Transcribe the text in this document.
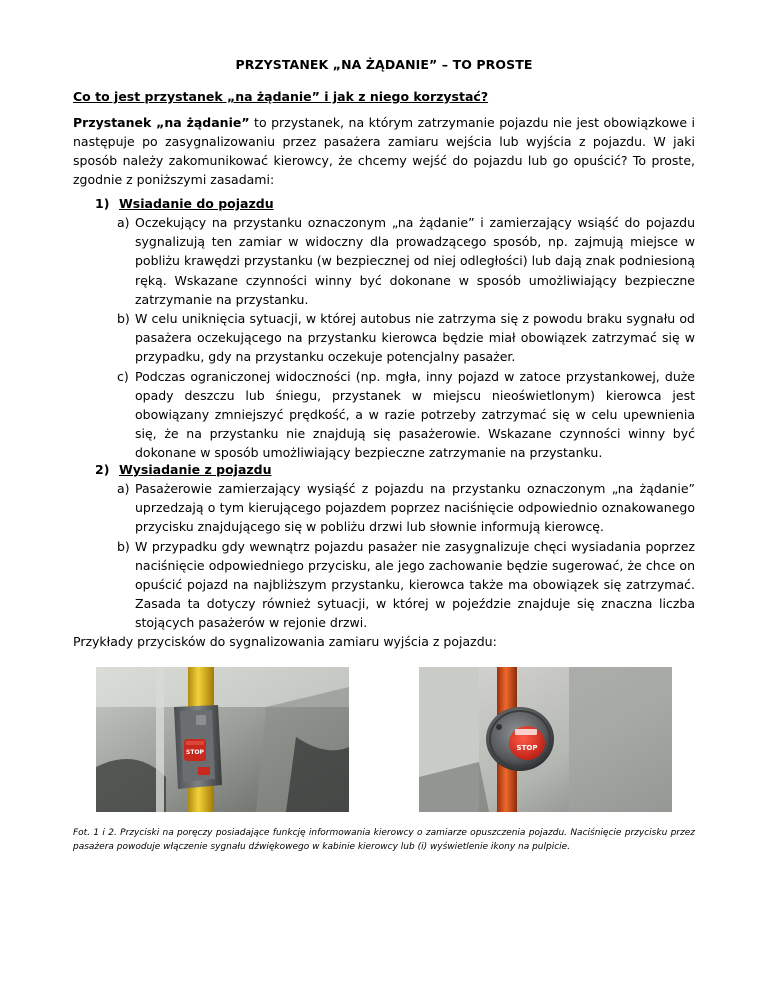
PRZYSTANEK „NA ŻĄDANIE” – TO PROSTE
Co to jest przystanek „na żądanie” i jak z niego korzystać?
Przystanek „na żądanie” to przystanek, na którym zatrzymanie pojazdu nie jest obowiązkowe i następuje po zasygnalizowaniu przez pasażera zamiaru wejścia lub wyjścia z pojazdu. W jaki sposób należy zakomunikować kierowcy, że chcemy wejść do pojazdu lub go opuścić? To proste, zgodnie z poniższymi zasadami:
1) Wsiadanie do pojazdu
a) Oczekujący na przystanku oznaczonym „na żądanie” i zamierzający wsiąść do pojazdu sygnalizują ten zamiar w widoczny dla prowadzącego sposób, np. zajmują miejsce w pobliżu krawędzi przystanku (w bezpiecznej od niej odległości) lub dają znak podniesioną ręką. Wskazane czynności winny być dokonane w sposób umożliwiający bezpieczne zatrzymanie na przystanku.
b) W celu uniknięcia sytuacji, w której autobus nie zatrzyma się z powodu braku sygnału od pasażera oczekującego na przystanku kierowca będzie miał obowiązek zatrzymać się w przypadku, gdy na przystanku oczekuje potencjalny pasażer.
c) Podczas ograniczonej widoczności (np. mgła, inny pojazd w zatoce przystankowej, duże opady deszczu lub śniegu, przystanek w miejscu nieoświetlonym) kierowca jest obowiązany zmniejszyć prędkość, a w razie potrzeby zatrzymać się w celu upewnienia się, że na przystanku nie znajdują się pasażerowie. Wskazane czynności winny być dokonane w sposób umożliwiający bezpieczne zatrzymanie na przystanku.
2) Wysiadanie z pojazdu
a) Pasażerowie zamierzający wysiąść z pojazdu na przystanku oznaczonym „na żądanie” uprzedzają o tym kierującego pojazdem poprzez naciśnięcie odpowiednio oznakowanego przycisku znajdującego się w pobliżu drzwi lub słownie informują kierowcę.
b) W przypadku gdy wewnątrz pojazdu pasażer nie zasygnalizuje chęci wysiadania poprzez naciśnięcie odpowiedniego przycisku, ale jego zachowanie będzie sugerować, że chce on opuścić pojazd na najbliższym przystanku, kierowca także ma obowiązek się zatrzymać. Zasada ta dotyczy również sytuacji, w której w pojeździe znajduje się znaczna liczba stojących pasażerów w rejonie drzwi.
Przykłady przycisków do sygnalizowania zamiaru wyjścia z pojazdu:
STOP
STOP
Fot. 1 i 2. Przyciski na poręczy posiadające funkcję informowania kierowcy o zamiarze opuszczenia pojazdu. Naciśnięcie przycisku przez pasażera powoduje włączenie sygnału dźwiękowego w kabinie kierowcy lub (i) wyświetlenie ikony na pulpicie.
